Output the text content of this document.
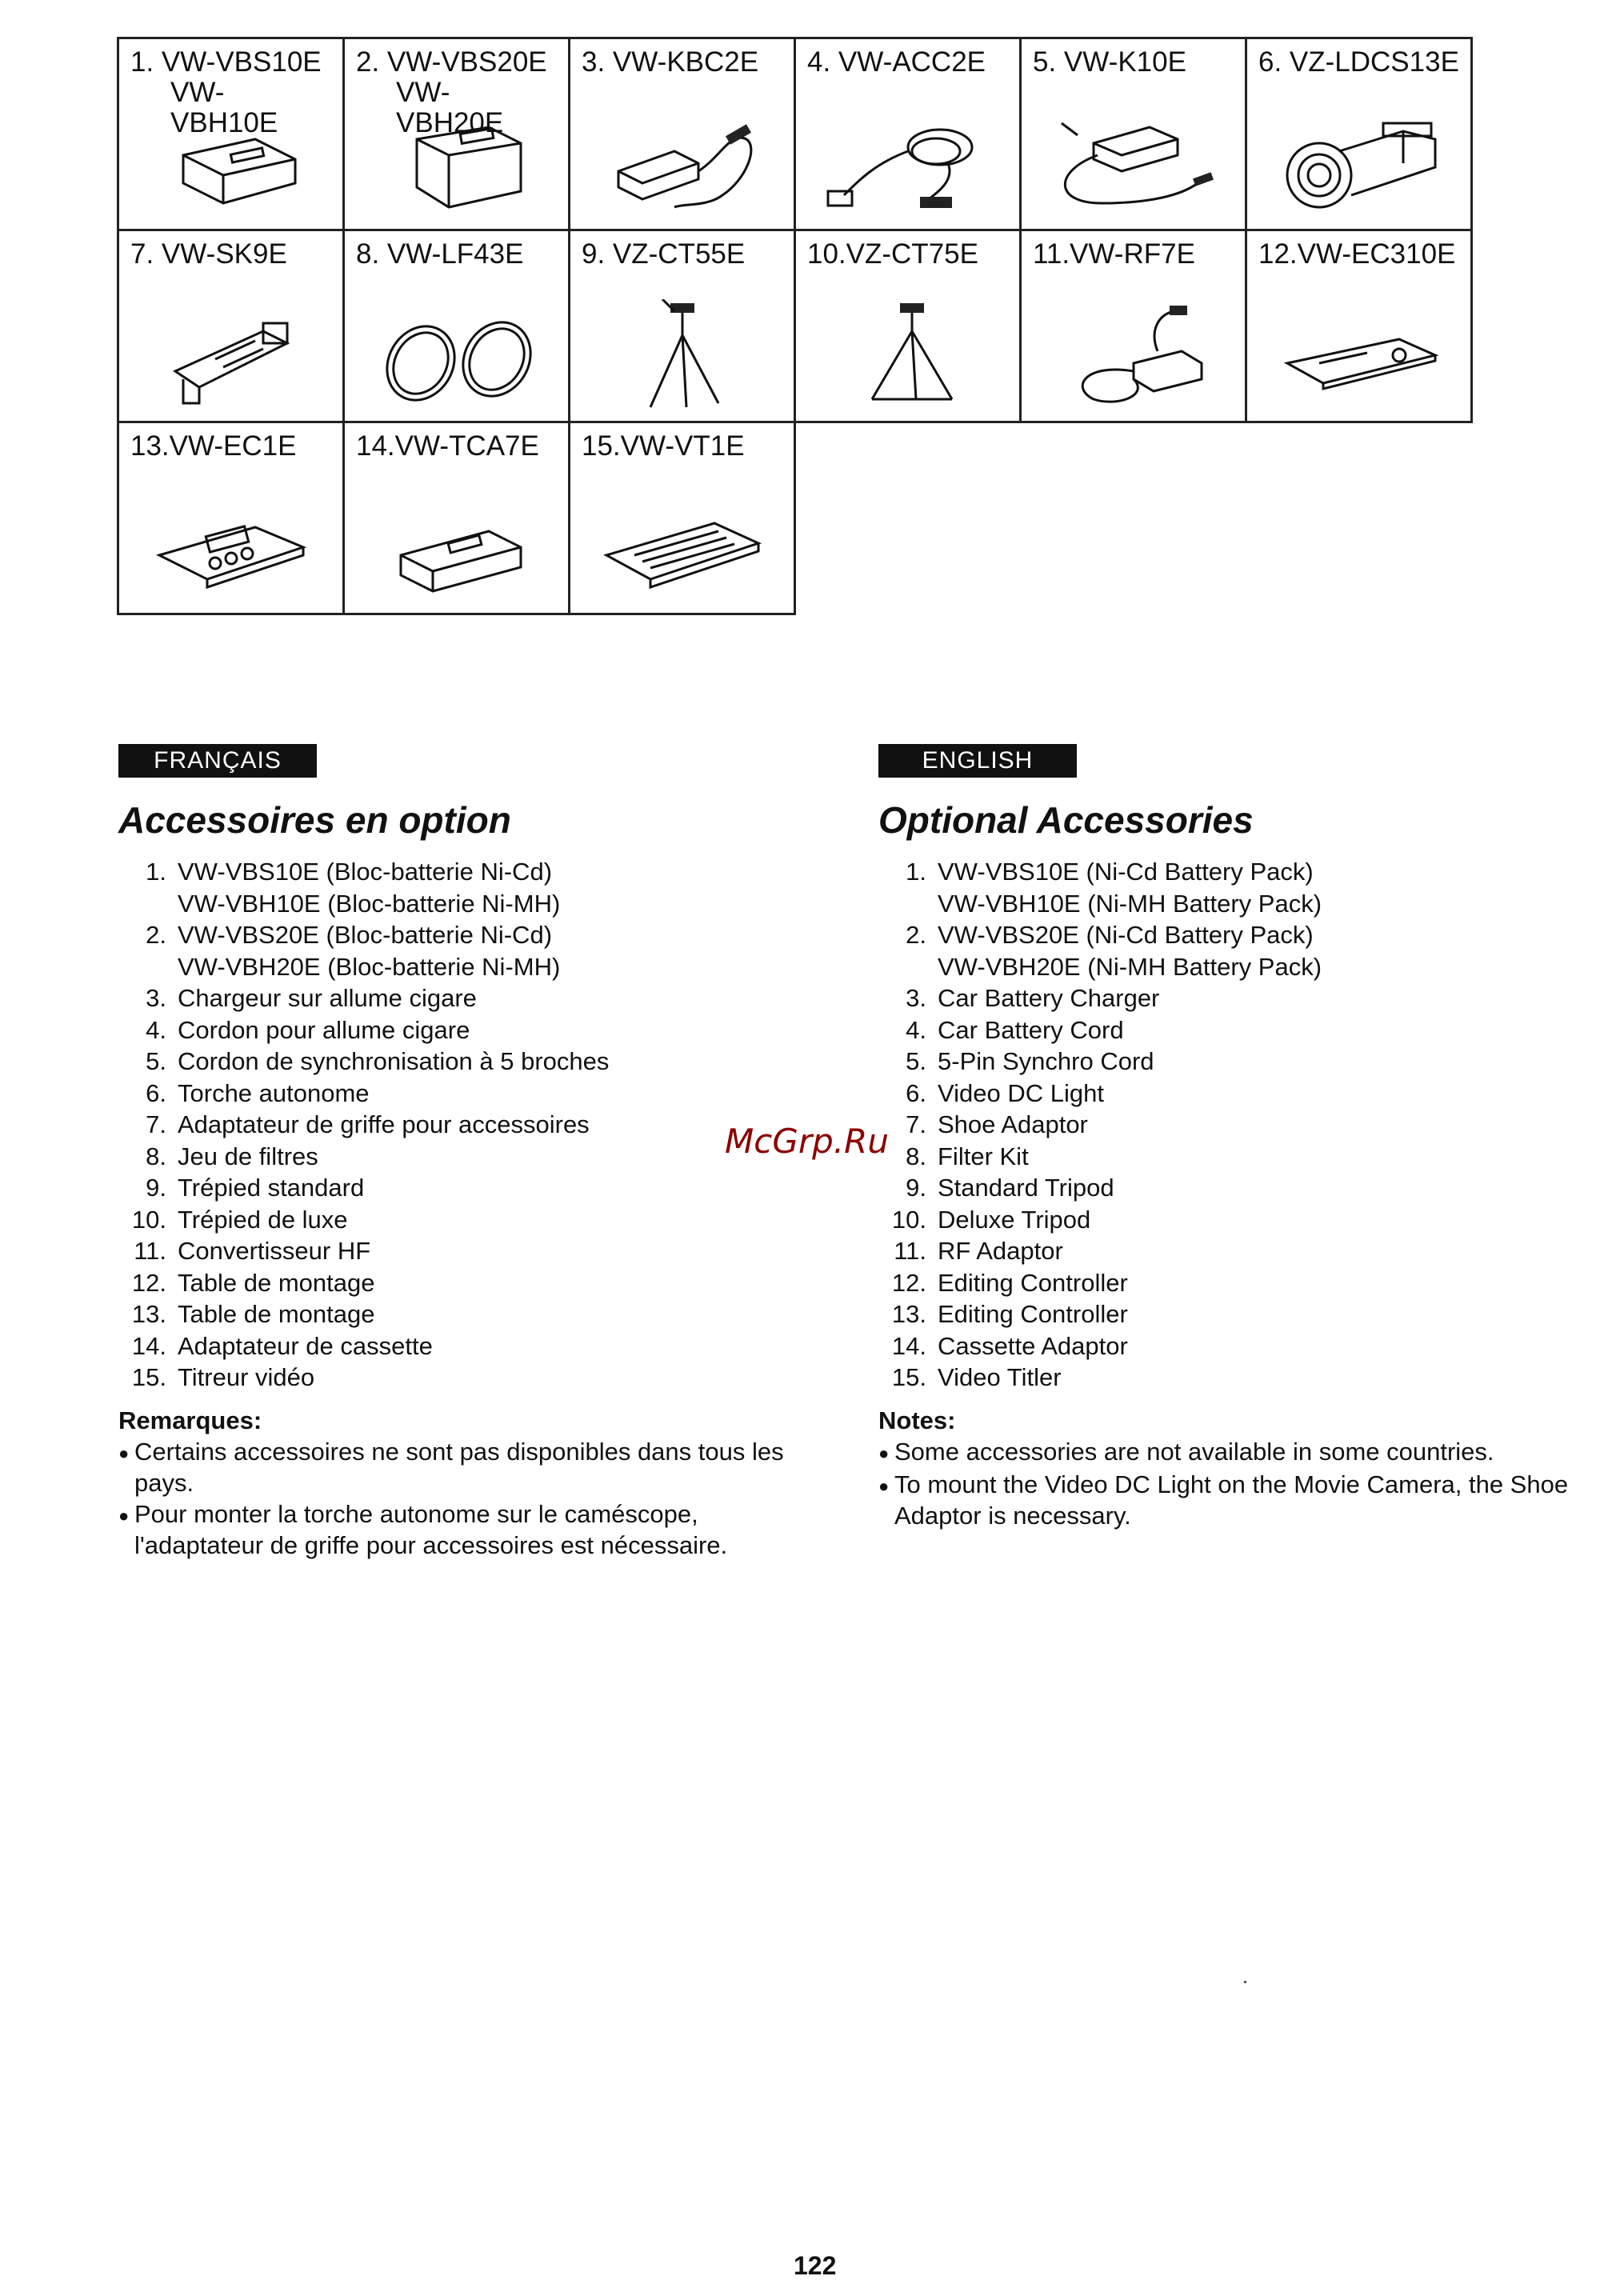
1. VW-VBS10E
VW-VBH10E
2. VW-VBS20E
VW-VBH20E
3. VW-KBC2E	4. VW-ACC2E	5. VW-K10E	6. VZ-LDCS13E
7. VW-SK9E	8. VW-LF43E	9. VZ-CT55E	10.VZ-CT75E	11.VW-RF7E	12.VW-EC310E
13.VW-EC1E	14.VW-TCA7E	15.VW-VT1E
FRANÇAIS
Accessoires en option
1. VW-VBS10E (Bloc-batterie Ni-Cd)
VW-VBH10E (Bloc-batterie Ni-MH)
2. VW-VBS20E (Bloc-batterie Ni-Cd)
VW-VBH20E (Bloc-batterie Ni-MH)
3. Chargeur sur allume cigare
4. Cordon pour allume cigare
5. Cordon de synchronisation à 5 broches
6. Torche autonome
7. Adaptateur de griffe pour accessoires
8. Jeu de filtres
9. Trépied standard
10. Trépied de luxe
11. Convertisseur HF
12. Table de montage
13. Table de montage
14. Adaptateur de cassette
15. Titreur vidéo
Remarques:
● Certains accessoires ne sont pas disponibles dans tous les pays.
● Pour monter la torche autonome sur le caméscope, l'adaptateur de griffe pour accessoires est nécessaire.
ENGLISH
Optional Accessories
1. VW-VBS10E (Ni-Cd Battery Pack)
VW-VBH10E (Ni-MH Battery Pack)
2. VW-VBS20E (Ni-Cd Battery Pack)
VW-VBH20E (Ni-MH Battery Pack)
3. Car Battery Charger
4. Car Battery Cord
5. 5-Pin Synchro Cord
6. Video DC Light
7. Shoe Adaptor
8. Filter Kit
9. Standard Tripod
10. Deluxe Tripod
11. RF Adaptor
12. Editing Controller
13. Editing Controller
14. Cassette Adaptor
15. Video Titler
Notes:
● Some accessories are not available in some countries.
● To mount the Video DC Light on the Movie Camera, the Shoe Adaptor is necessary.
McGrp.Ru
122
